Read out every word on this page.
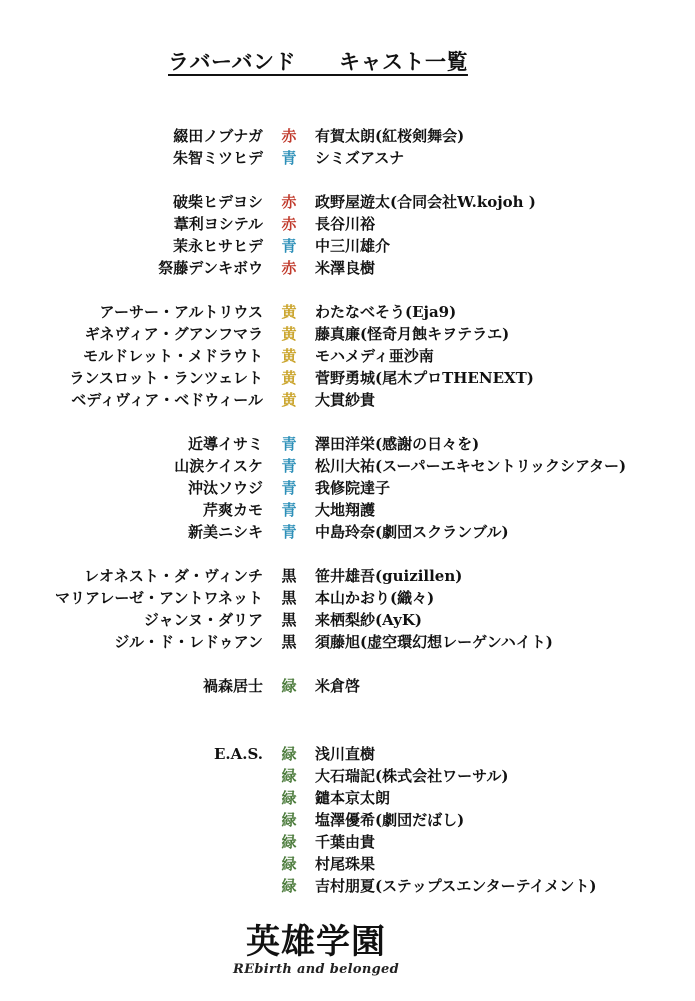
ラバーバンド　　キャスト一覧
綴田ノブナガ 赤 有賀太朗(紅桜剣舞会)
朱智ミツヒデ 青 シミズアスナ
破柴ヒデヨシ 赤 政野屋遊太(合同会社W.kojoh )
葦利ヨシテル 赤 長谷川裕
茉永ヒサヒデ 青 中三川雄介
祭藤デンキボウ 赤 米澤良樹
アーサー・アルトリウス 黄 わたなべそう(Eja9)
ギネヴィア・グアンフマラ 黄 藤真廉(怪奇月蝕キヲテラエ)
モルドレット・メドラウト 黄 モハメディ亜沙南
ランスロット・ランツェレト 黄 菅野勇城(尾木プロTHENEXT)
ベディヴィア・ベドウィール 黄 大貫紗貴
近導イサミ 青 澤田洋栄(感謝の日々を)
山涙ケイスケ 青 松川大祐(スーパーエキセントリックシアター)
沖汰ソウジ 青 我修院達子
芹爽カモ 青 大地翔護
新美ニシキ 青 中島玲奈(劇団スクランブル)
レオネスト・ダ・ヴィンチ 黒 笹井雄吾(guizillen)
マリアレーゼ・アントワネット 黒 本山かおり(織々)
ジャンヌ・ダリア 黒 来栖梨紗(AyK)
ジル・ド・レドゥアン 黒 須藤旭(虚空環幻想レーゲンハイト)
禍森居士 緑 米倉啓
E.A.S. 緑 浅川直樹
緑 大石瑞記(株式会社ワーサル)
緑 鑓本京太朗
緑 塩澤優希(劇団だばし)
緑 千葉由貴
緑 村尾珠果
緑 吉村朋夏(ステップスエンターテイメント)
英雄学園
REbirth and belonged
